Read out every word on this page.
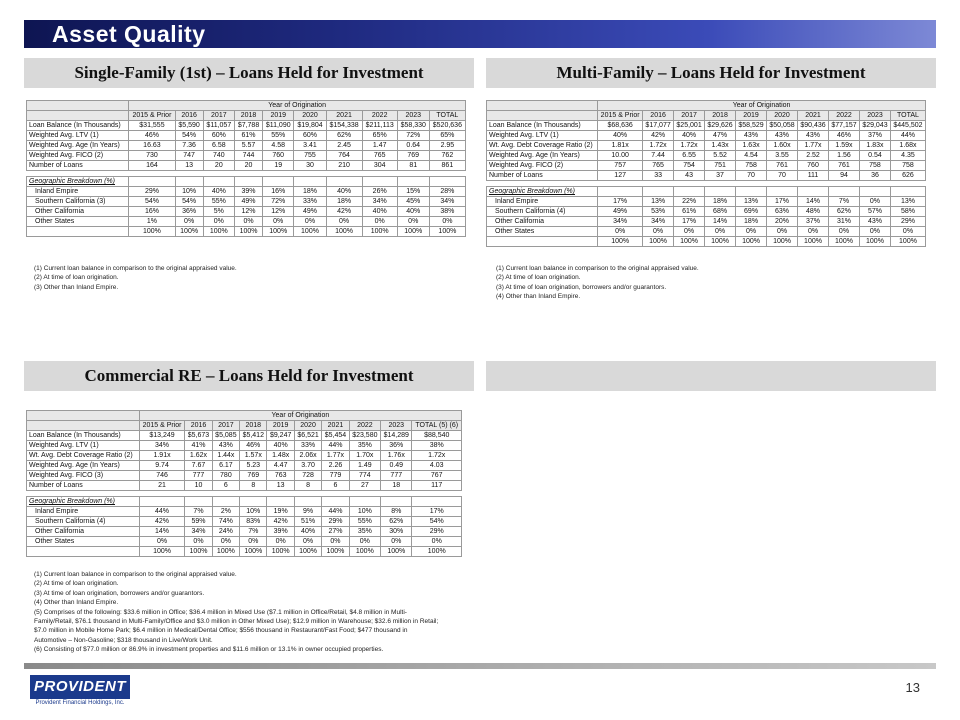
Asset Quality
Single-Family (1st) – Loans Held for Investment	Multi-Family – Loans Held for Investment
Commercial RE – Loans Held for Investment
	Year of Origination									
	2015 & Prior	2016	2017	2018	2019	2020	2021	2022	2023	TOTAL
Loan Balance (In Thousands)	$31,555	$5,590	$11,057	$7,788	$11,090	$19,804	$154,338	$211,113	$58,330	$520,636
Weighted Avg. LTV (1)	46%	54%	60%	61%	55%	60%	62%	65%	72%	65%
Weighted Avg. Age (In Years)	16.63	7.36	6.58	5.57	4.58	3.41	2.45	1.47	0.64	2.95
Weighted Avg. FICO (2)	730	747	740	744	760	755	764	765	769	762
Number of Loans	164	13	20	20	19	30	210	304	81	861

Geographic Breakdown (%)										
Inland Empire	29%	10%	40%	39%	16%	18%	40%	26%	15%	28%
Southern California (3)	54%	54%	55%	49%	72%	33%	18%	34%	45%	34%
Other California	16%	36%	5%	12%	12%	49%	42%	40%	40%	38%
Other States	1%	0%	0%	0%	0%	0%	0%	0%	0%	0%
	100%	100%	100%	100%	100%	100%	100%	100%	100%	100%
	Year of Origination									
	2015 & Prior	2016	2017	2018	2019	2020	2021	2022	2023	TOTAL
Loan Balance (In Thousands)	$68,636	$17,077	$25,001	$29,626	$58,529	$50,058	$90,436	$77,157	$29,043	$445,502
Weighted Avg. LTV (1)	40%	42%	40%	47%	43%	43%	43%	46%	37%	44%
Wt. Avg. Debt Coverage Ratio (2)	1.81x	1.72x	1.72x	1.43x	1.63x	1.60x	1.77x	1.59x	1.83x	1.68x
Weighted Avg. Age (In Years)	10.00	7.44	6.55	5.52	4.54	3.55	2.52	1.56	0.54	4.35
Weighted Avg. FICO (2)	757	765	754	751	758	761	760	761	758	758
Number of Loans	127	33	43	37	70	70	111	94	36	626

Geographic Breakdown (%)										
Inland Empire	17%	13%	22%	18%	13%	17%	14%	7%	0%	13%
Southern California (4)	49%	53%	61%	68%	69%	63%	48%	62%	57%	58%
Other California	34%	34%	17%	14%	18%	20%	37%	31%	43%	29%
Other States	0%	0%	0%	0%	0%	0%	0%	0%	0%	0%
	100%	100%	100%	100%	100%	100%	100%	100%	100%	100%
	Year of Origination									
	2015 & Prior	2016	2017	2018	2019	2020	2021	2022	2023	TOTAL (5) (6)
Loan Balance (In Thousands)	$13,249	$5,673	$5,085	$5,412	$9,247	$6,521	$5,454	$23,580	$14,289	$88,540
Weighted Avg. LTV (1)	34%	41%	43%	46%	40%	33%	44%	35%	36%	38%
Wt. Avg. Debt Coverage Ratio (2)	1.91x	1.62x	1.44x	1.57x	1.48x	2.06x	1.77x	1.70x	1.76x	1.72x
Weighted Avg. Age (In Years)	9.74	7.67	6.17	5.23	4.47	3.70	2.26	1.49	0.49	4.03
Weighted Avg. FICO (3)	746	777	780	769	763	728	779	774	777	767
Number of Loans	21	10	6	8	13	8	6	27	18	117

Geographic Breakdown (%)										
Inland Empire	44%	7%	2%	10%	19%	9%	44%	10%	8%	17%
Southern California (4)	42%	59%	74%	83%	42%	51%	29%	55%	62%	54%
Other California	14%	34%	24%	7%	39%	40%	27%	35%	30%	29%
Other States	0%	0%	0%	0%	0%	0%	0%	0%	0%	0%
	100%	100%	100%	100%	100%	100%	100%	100%	100%	100%
(1) Current loan balance in comparison to the original appraised value.
(2) At time of loan origination.
(3) Other than Inland Empire.
(1) Current loan balance in comparison to the original appraised value.
(2) At time of loan origination.
(3) At time of loan origination, borrowers and/or guarantors.
(4) Other than Inland Empire.
(1) Current loan balance in comparison to the original appraised value.
(2) At time of loan origination.
(3) At time of loan origination, borrowers and/or guarantors.
(4) Other than Inland Empire.
(5) Comprises of the following: $33.6 million in Office; $36.4 million in Mixed Use ($7.1 million in Office/Retail, $4.8 million in Multi-
Family/Retail, $76.1 thousand in Multi-Family/Office and $3.0 million in Other Mixed Use); $12.9 million in Warehouse; $32.6 million in Retail;
$7.0 million in Mobile Home Park; $6.4 million in Medical/Dental Office; $556 thousand in Restaurant/Fast Food; $477 thousand in
Automotive – Non-Gasoline; $318 thousand in Live/Work Unit.
(6) Consisting of $77.0 million or 86.9% in investment properties and $11.6 million or 13.1% in owner occupied properties.
PROVIDENT
Provident Financial Holdings, Inc.
13
